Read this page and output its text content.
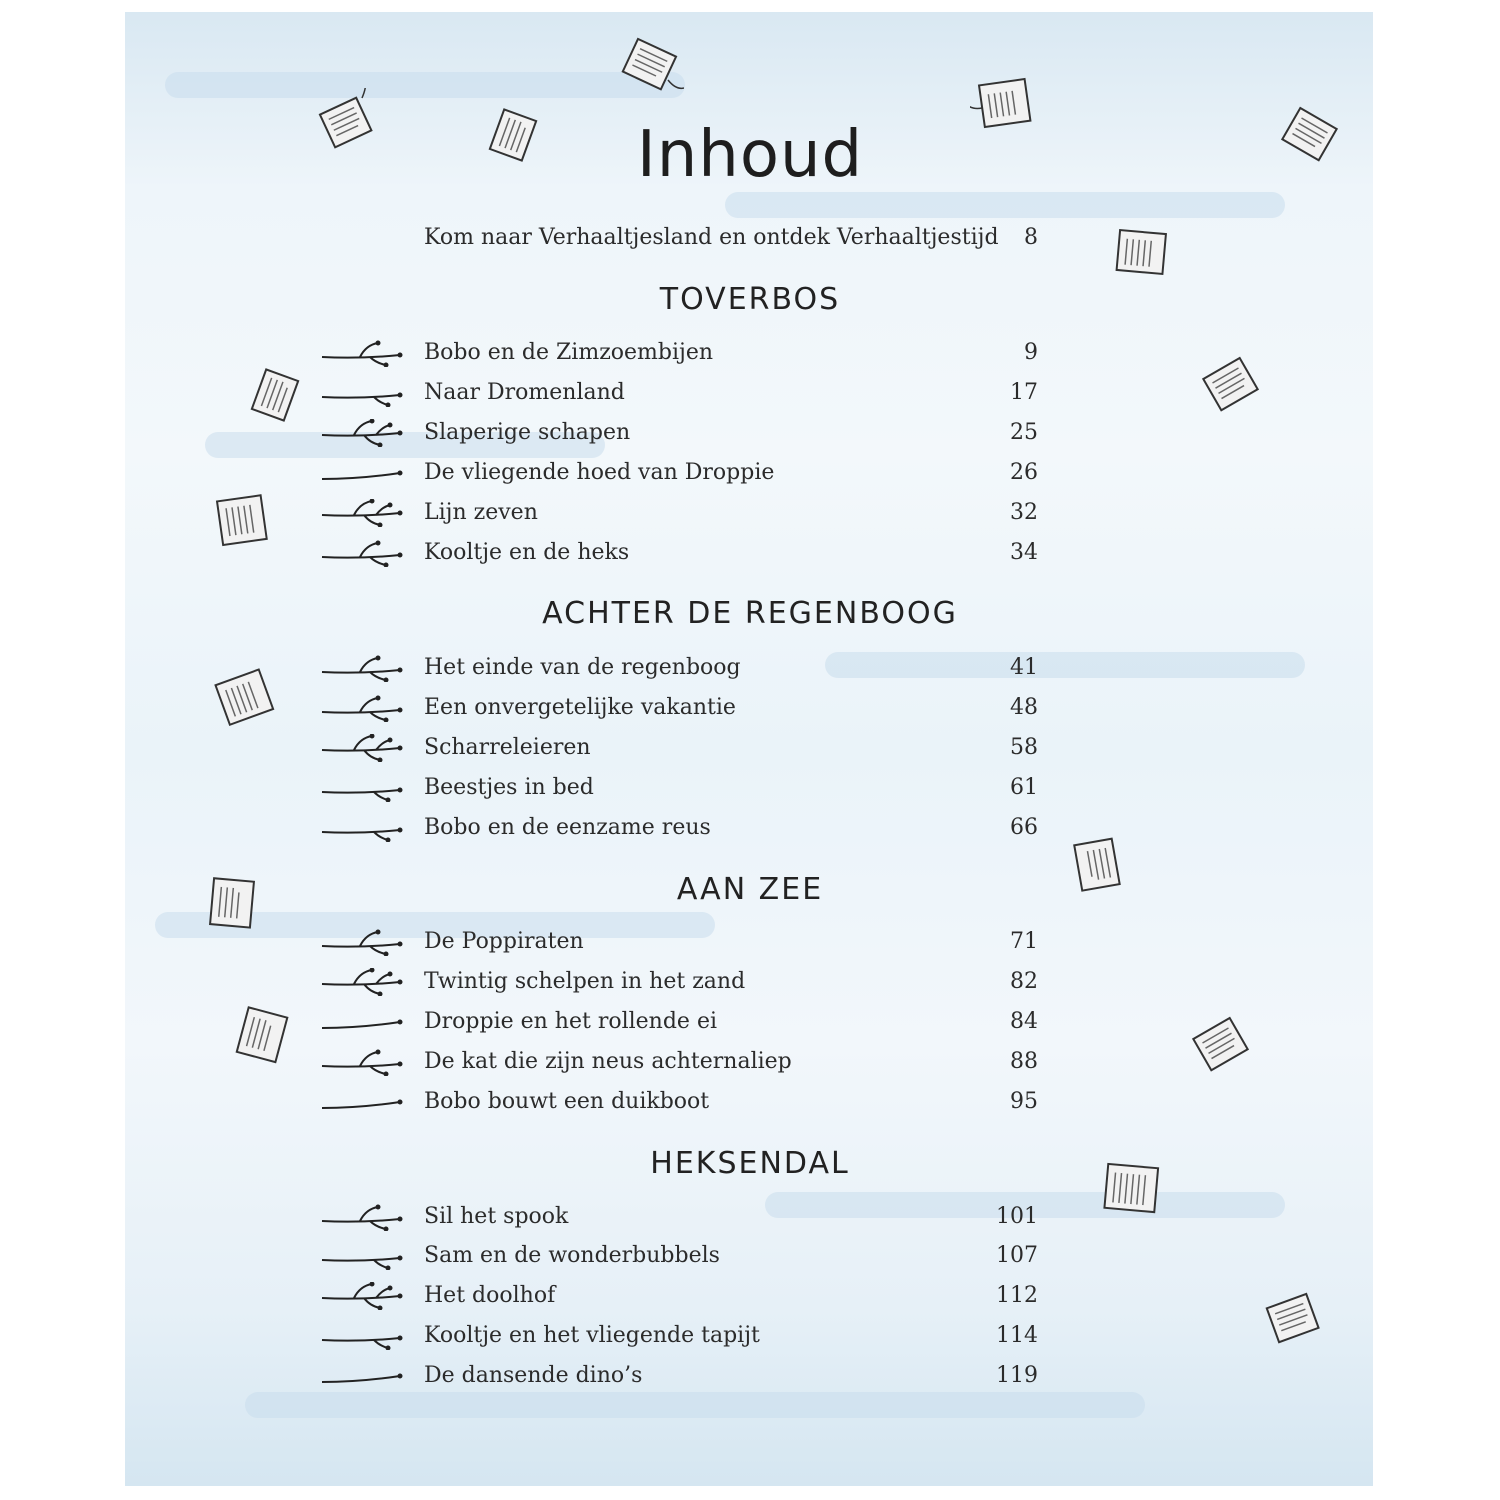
Inhoud
Kom naar Verhaaltjesland en ontdek Verhaaltjestijd 8
TOVERBOS
Bobo en de Zimzoembijen	9
Naar Dromenland	17
Slaperige schapen	25
De vliegende hoed van Droppie	26
Lijn zeven	32
Kooltje en de heks	34
ACHTER DE REGENBOOG
Het einde van de regenboog	41
Een onvergetelijke vakantie	48
Scharreleieren	58
Beestjes in bed	61
Bobo en de eenzame reus	66
AAN ZEE
De Poppiraten	71
Twintig schelpen in het zand	82
Droppie en het rollende ei	84
De kat die zijn neus achternaliep	88
Bobo bouwt een duikboot	95
HEKSENDAL
Sil het spook	101
Sam en de wonderbubbels	107
Het doolhof	112
Kooltje en het vliegende tapijt	114
De dansende dino’s	119
